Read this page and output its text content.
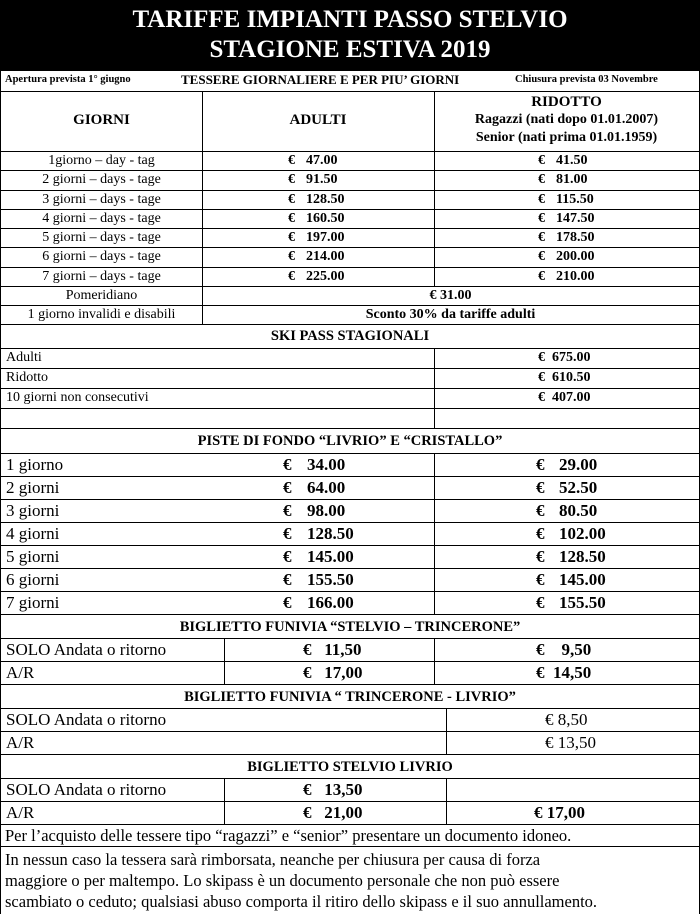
TARIFFE IMPIANTI PASSO STELVIO
STAGIONE ESTIVA 2019
Apertura prevista 1° giugno	TESSERE GIORNALIERE E PER PIU’ GIORNI	Chiusura prevista 03 Novembre
GIORNI	ADULTI
RIDOTTO
Ragazzi (nati dopo 01.01.2007)
Senior (nati prima 01.01.1959)
1giorno – day - tag	€ 47.00	€ 41.50
2 giorni – days - tage	€ 91.50	€ 81.00
3 giorni – days - tage	€ 128.50	€ 115.50
4 giorni – days - tage	€ 160.50	€ 147.50
5 giorni – days - tage	€ 197.00	€ 178.50
6 giorni – days - tage	€ 214.00	€ 200.00
7 giorni – days - tage	€ 225.00	€ 210.00
Pomeridiano	€ 31.00
1 giorno invalidi e disabili	Sconto 30% da tariffe adulti
SKI PASS STAGIONALI
Adulti	€  675.00
Ridotto	€  610.50
10 giorni non consecutivi	€  407.00
PISTE DI FONDO “LIVRIO” E “CRISTALLO”
1 giorno	€ 34.00	€ 29.00
2 giorni	€ 64.00	€ 52.50
3 giorni	€ 98.00	€ 80.50
4 giorni	€ 128.50	€ 102.00
5 giorni	€ 145.00	€ 128.50
6 giorni	€ 155.50	€ 145.00
7 giorni	€ 166.00	€ 155.50
BIGLIETTO FUNIVIA “STELVIO – TRINCERONE”
SOLO Andata o ritorno	€   11,50	€    9,50
A/R	€   17,00	€  14,50
BIGLIETTO FUNIVIA “ TRINCERONE - LIVRIO”
SOLO Andata o ritorno	€ 8,50
A/R	€ 13,50
BIGLIETTO STELVIO LIVRIO
SOLO Andata o ritorno	€   13,50
A/R	€   21,00	€ 17,00
Per l’acquisto delle tessere tipo “ragazzi” e “senior” presentare un documento idoneo.
In nessun caso la tessera sarà rimborsata, neanche per chiusura per causa di forza
maggiore o per maltempo. Lo skipass è un documento personale che non può essere
scambiato o ceduto; qualsiasi abuso comporta il ritiro dello skipass e il suo annullamento.
